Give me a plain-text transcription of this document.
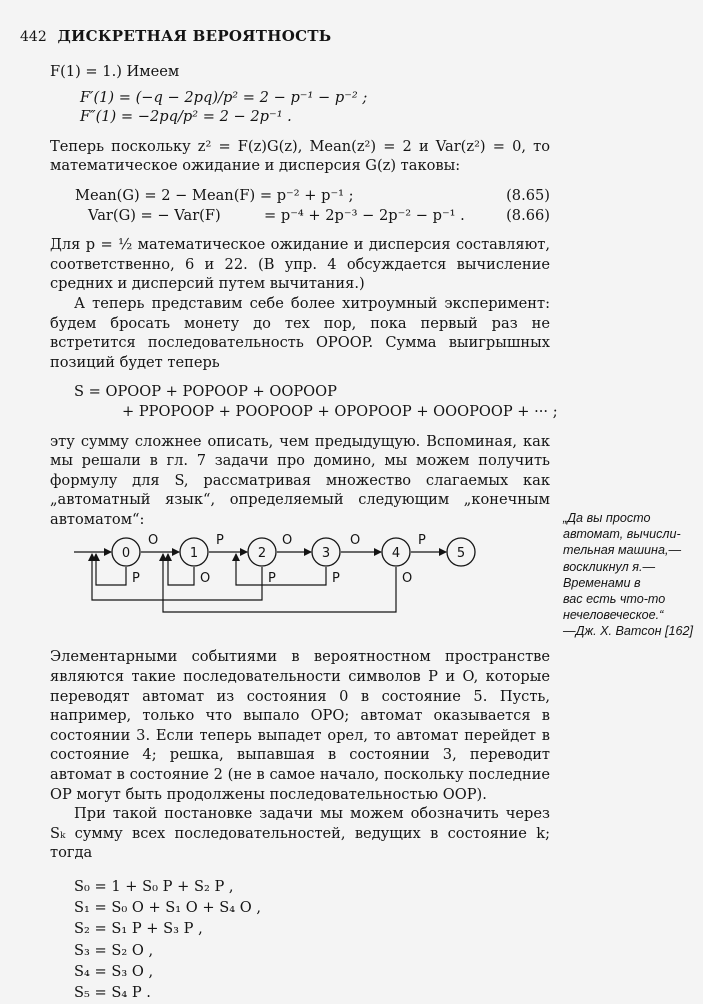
442 ДИСКРЕТНАЯ ВЕРОЯТНОСТЬ

F(1) = 1.) Имеем

F′(1) = (−q − 2pq)/p² = 2 − p⁻¹ − p⁻² ;
F″(1) = −2pq/p² = 2 − 2p⁻¹ .

Теперь поскольку z² = F(z)G(z), Mean(z²) = 2 и Var(z²) = 0, то математическое ожидание и дисперсия G(z) таковы:

Mean(G) = 2 − Mean(F) = p⁻² + p⁻¹ ;	(8.65)
Var(G) = − Var(F)	= p⁻⁴ + 2p⁻³ − 2p⁻² − p⁻¹ .	(8.66)

Для p = ½ математическое ожидание и дисперсия составляют, соответственно, 6 и 22. (В упр. 4 обсуждается вычисление средних и дисперсий путем вычитания.)

А теперь представим себе более хитроумный эксперимент: будем бросать монету до тех пор, пока первый раз не встретится последовательность OPOOP. Сумма выигрышных позиций будет теперь

S = OPOOP + POPOOP + OOPOOP
+ PPOPOOP + POOPOOP + OPOPOOP + OOOPOOP + ··· ;

эту сумму сложнее описать, чем предыдущую. Вспоминая, как мы решали в гл. 7 задачи про домино, мы можем получить формулу для S, рассматривая множество слагаемых как „автоматный язык“, определяемый следующим „конечным автоматом“:

Элементарными событиями в вероятностном пространстве являются такие последовательности символов P и O, которые переводят автомат из состояния 0 в состояние 5. Пусть, например, только что выпало OPO; автомат оказывается в состоянии 3. Если теперь выпадет орел, то автомат перейдет в состояние 4; решка, выпавшая в состоянии 3, переводит автомат в состояние 2 (не в самое начало, поскольку последние OP могут быть продолжены последовательностью OOP).

При такой постановке задачи мы можем обозначить через Sₖ сумму всех последовательностей, ведущих в состояние k; тогда

S₀ = 1 + S₀ P + S₂ P ,
S₁ = S₀ O + S₁ O + S₄ O ,
S₂ = S₁ P + S₃ P ,
S₃ = S₂ O ,
S₄ = S₃ O ,
S₅ = S₄ P .
0	1	2	3	4	5
O	P	O	O	P
P	O	P	P	O
„Да вы просто
автомат, вычисли-
тельная машина,—
воскликнул я.—
Временами в
вас есть что-то
нечеловеческое.“
—Дж. Х. Ватсон [162]
